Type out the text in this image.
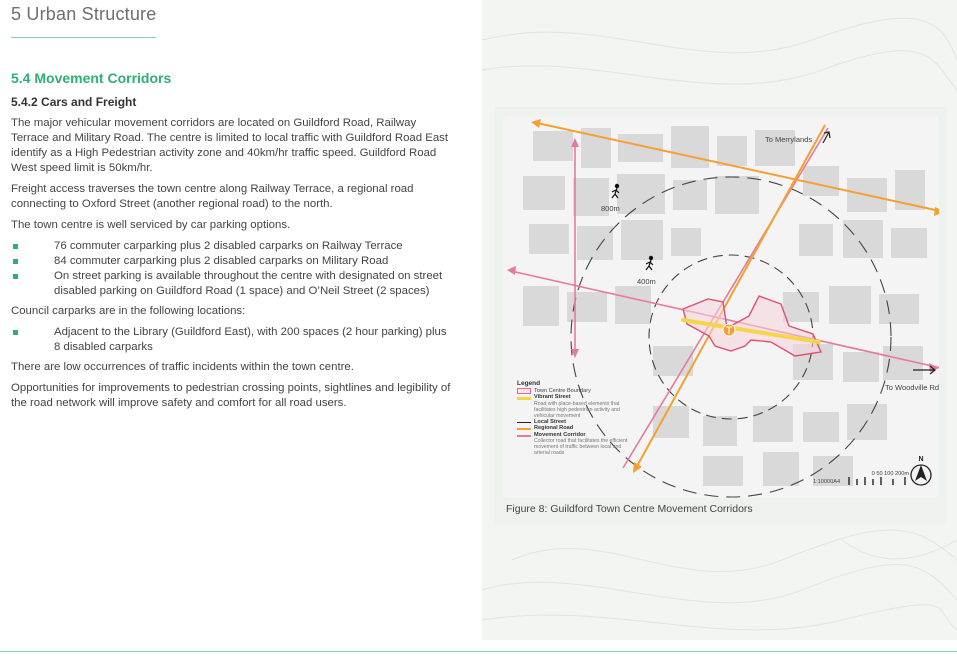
5 Urban Structure
5.4 Movement Corridors
5.4.2 Cars and Freight

The major vehicular movement corridors are located on Guildford Road, Railway Terrace and Military Road. The centre is limited to local traffic with Guildford Road East identify as a High Pedestrian activity zone and 40km/hr traffic speed. Guildford Road West speed limit is 50km/hr.

Freight access traverses the town centre along Railway Terrace, a regional road connecting to Oxford Street (another regional road) to the north.

The town centre is well serviced by car parking options.

76 commuter carparking plus 2 disabled carparks on Railway Terrace
84 commuter carparking plus 2 disabled carparks on Military Road
On street parking is available throughout the centre with designated on street disabled parking on Guildford Road (1 space) and O’Neil Street (2 spaces)

Council carparks are in the following locations:

Adjacent to the Library (Guildford East), with 200 spaces (2 hour parking) plus 8 disabled carparks

There are low occurrences of traffic incidents within the town centre.

Opportunities for improvements to pedestrian crossing points, sightlines and legibility of the road network will improve safety and comfort for all road users.

To Merrylands
To Woodville Rd
800m
400m
Legend
Town Centre Boundary
Vibrant Street
Road with place-based elements that facilitates high pedestrian activity and vehicular movement
Local Street
Regional Road
Movement Corridor
Collector road that facilitates the efficient movement of traffic between local and arterial roads
0 50 100 200m
1:10000A4
N
Figure 8: Guildford Town Centre Movement Corridors
